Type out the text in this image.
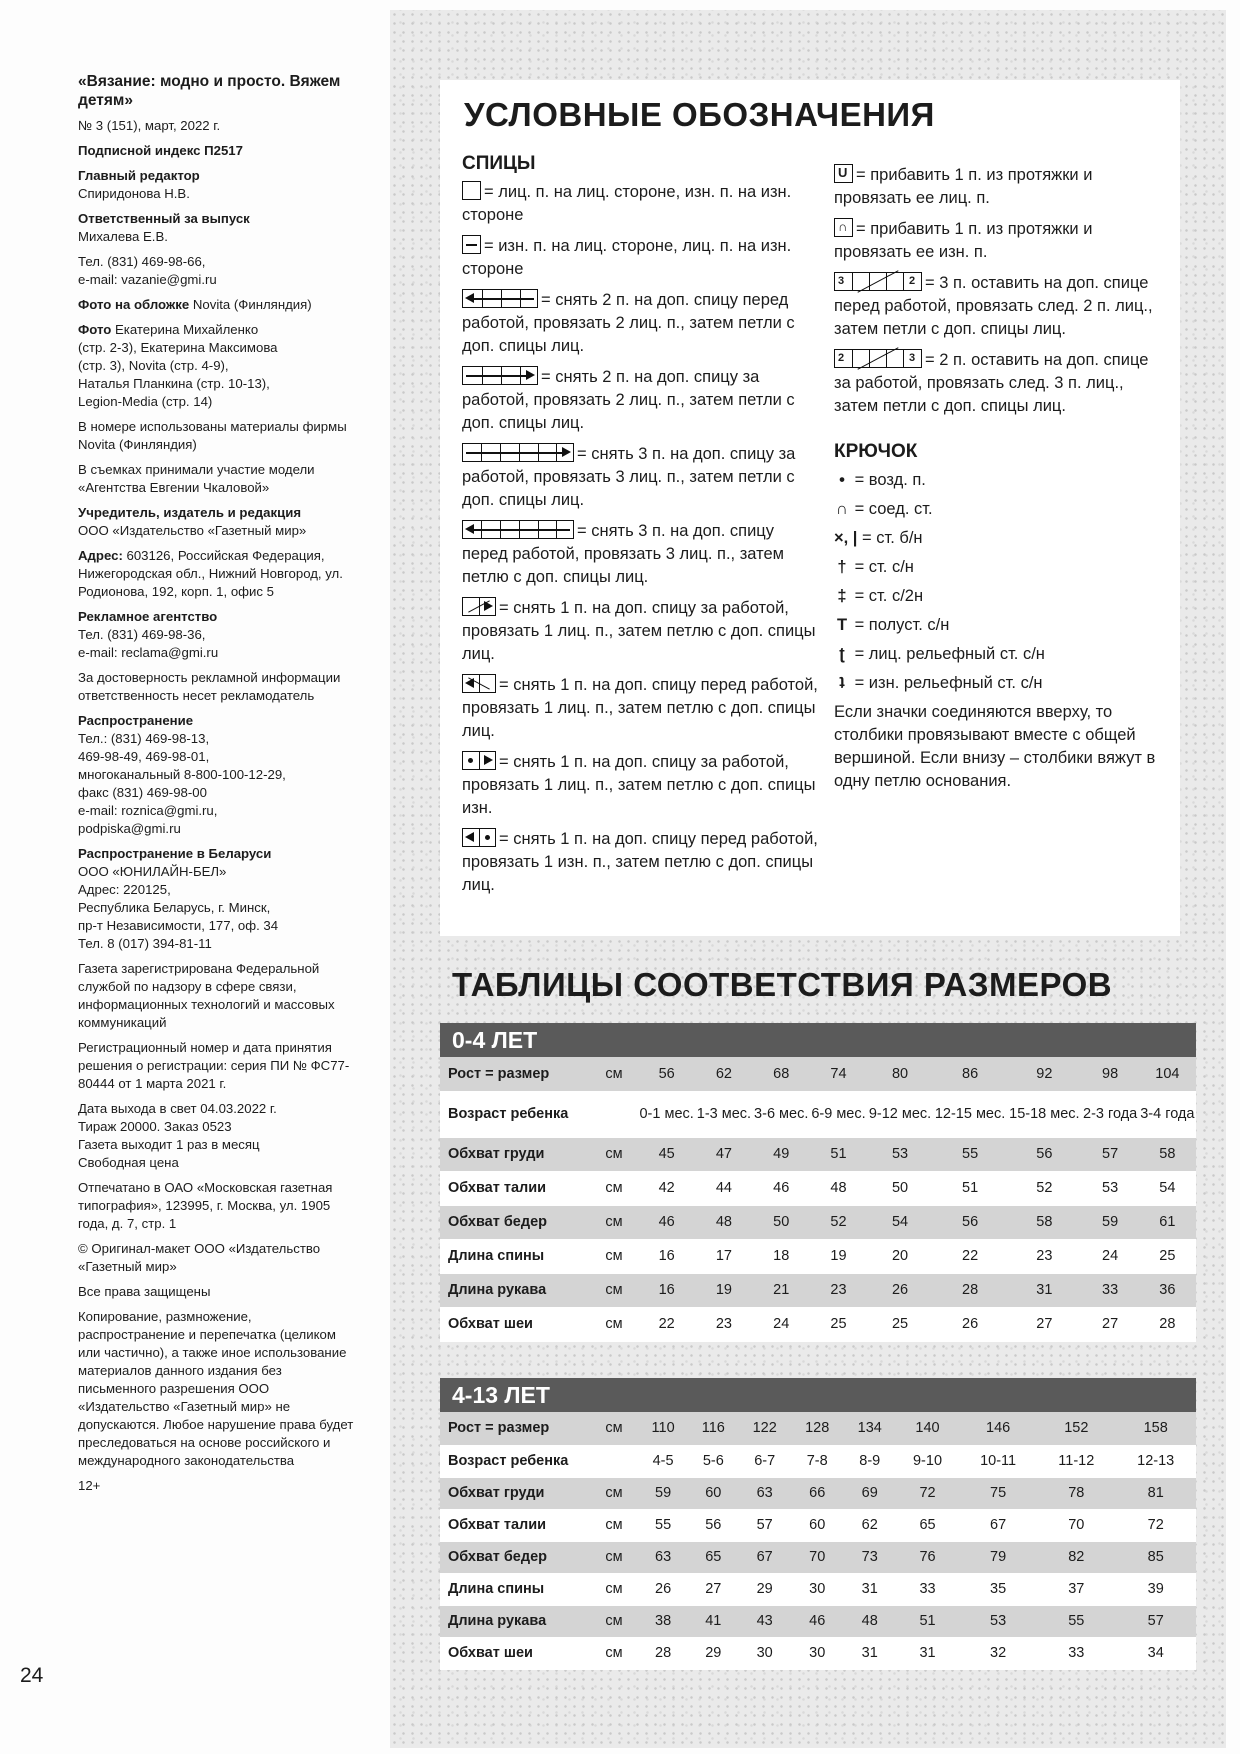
«Вязание: модно и просто. Вяжем детям»
№ 3 (151), март, 2022 г.
Подписной индекс П2517
Главный редактор
Спиридонова Н.В.
Ответственный за выпуск
Михалева Е.В.
Тел. (831) 469-98-66,
e-mail: vazanie@gmi.ru
Фото на обложке Novita (Финляндия)
Фото Екатерина Михайленко
(стр. 2-3), Екатерина Максимова
(стр. 3), Novita (стр. 4-9),
Наталья Планкина (стр. 10-13),
Legion-Media (стр. 14)
В номере использованы материалы фирмы Novita (Финляндия)
В съемках принимали участие модели «Агентства Евгении Чкаловой»
Учредитель, издатель и редакция
ООО «Издательство «Газетный мир»
Адрес: 603126, Российская Федерация, Нижегородская обл., Нижний Новгород, ул. Родионова, 192, корп. 1, офис 5
Рекламное агентство
Тел. (831) 469-98-36,
e-mail: reclama@gmi.ru
За достоверность рекламной информации ответственность несет рекламодатель
Распространение
Тел.: (831) 469-98-13,
469-98-49, 469-98-01,
многоканальный 8-800-100-12-29,
факс (831) 469-98-00
e-mail: roznica@gmi.ru,
podpiska@gmi.ru
Распространение в Беларуси
ООО «ЮНИЛАЙН-БЕЛ»
Адрес: 220125,
Республика Беларусь, г. Минск,
пр-т Независимости, 177, оф. 34
Тел. 8 (017) 394-81-11
Газета зарегистрирована Федеральной службой по надзору в сфере связи, информационных технологий и массовых коммуникаций
Регистрационный номер и дата принятия решения о регистрации: серия ПИ № ФС77-80444 от 1 марта 2021 г.
Дата выхода в свет 04.03.2022 г.
Тираж 20000. Заказ 0523
Газета выходит 1 раз в месяц
Свободная цена
Отпечатано в ОАО «Московская газетная типография», 123995, г. Москва, ул. 1905 года, д. 7, стр. 1
© Оригинал-макет ООО «Издательство «Газетный мир»
Все права защищены
Копирование, размножение, распространение и перепечатка (целиком или частично), а также иное использование материалов данного издания без письменного разрешения ООО «Издательство «Газетный мир» не допускаются. Любое нарушение права будет преследоваться на основе российского и международного законодательства
12+
24
УСЛОВНЫЕ ОБОЗНАЧЕНИЯ
СПИЦЫ
= лиц. п. на лиц. стороне, изн. п. на изн. стороне
= изн. п. на лиц. стороне, лиц. п. на изн. стороне
= снять 2 п. на доп. спицу перед работой, провязать 2 лиц. п., затем петли с доп. спицы лиц.
= снять 2 п. на доп. спицу за работой, провязать 2 лиц. п., затем петли с доп. спицы лиц.
= снять 3 п. на доп. спицу за работой, провязать 3 лиц. п., затем петли с доп. спицы лиц.
= снять 3 п. на доп. спицу перед работой, провязать 3 лиц. п., затем петлю с доп. спицы лиц.
= снять 1 п. на доп. спицу за работой, провязать 1 лиц. п., затем петлю с доп. спицы лиц.
= снять 1 п. на доп. спицу перед работой, провязать 1 лиц. п., затем петлю с доп. спицы лиц.
= снять 1 п. на доп. спицу за работой, провязать 1 лиц. п., затем петлю с доп. спицы изн.
= снять 1 п. на доп. спицу перед работой, провязать 1 изн. п., затем петлю с доп. спицы лиц.
U = прибавить 1 п. из протяжки и провязать ее лиц. п.
∩ = прибавить 1 п. из протяжки и провязать ее изн. п.
3	2 = 3 п. оставить на доп. спице перед работой, провязать след. 2 п. лиц., затем петли с доп. спицы лиц.
2	3 = 2 п. оставить на доп. спице за работой, провязать след. 3 п. лиц., затем петли с доп. спицы лиц.
КРЮЧОК
• = возд. п.
∩ = соед. ст.
×, | = ст. б/н
† = ст. с/н
‡ = ст. с/2н
T = полуст. с/н
ʈ = лиц. рельефный ст. с/н
ʇ = изн. рельефный ст. с/н
Если значки соединяются вверху, то столбики провязывают вместе с общей вершиной. Если внизу – столбики вяжут в одну петлю основания.
ТАБЛИЦЫ СООТВЕТСТВИЯ РАЗМЕРОВ
0-4 ЛЕТ
Рост = размер	см	56	62	68	74	80	86	92	98	104
Возраст ребенка		0-1 мес.	1-3 мес.	3-6 мес.	6-9 мес.	9-12 мес.	12-15 мес.	15-18 мес.	2-3 года	3-4 года
Обхват груди	см	45	47	49	51	53	55	56	57	58
Обхват талии	см	42	44	46	48	50	51	52	53	54
Обхват бедер	см	46	48	50	52	54	56	58	59	61
Длина спины	см	16	17	18	19	20	22	23	24	25
Длина рукава	см	16	19	21	23	26	28	31	33	36
Обхват шеи	см	22	23	24	25	25	26	27	27	28
4-13 ЛЕТ
Рост = размер	см	110	116	122	128	134	140	146	152	158
Возраст ребенка		4-5	5-6	6-7	7-8	8-9	9-10	10-11	11-12	12-13
Обхват груди	см	59	60	63	66	69	72	75	78	81
Обхват талии	см	55	56	57	60	62	65	67	70	72
Обхват бедер	см	63	65	67	70	73	76	79	82	85
Длина спины	см	26	27	29	30	31	33	35	37	39
Длина рукава	см	38	41	43	46	48	51	53	55	57
Обхват шеи	см	28	29	30	30	31	31	32	33	34
